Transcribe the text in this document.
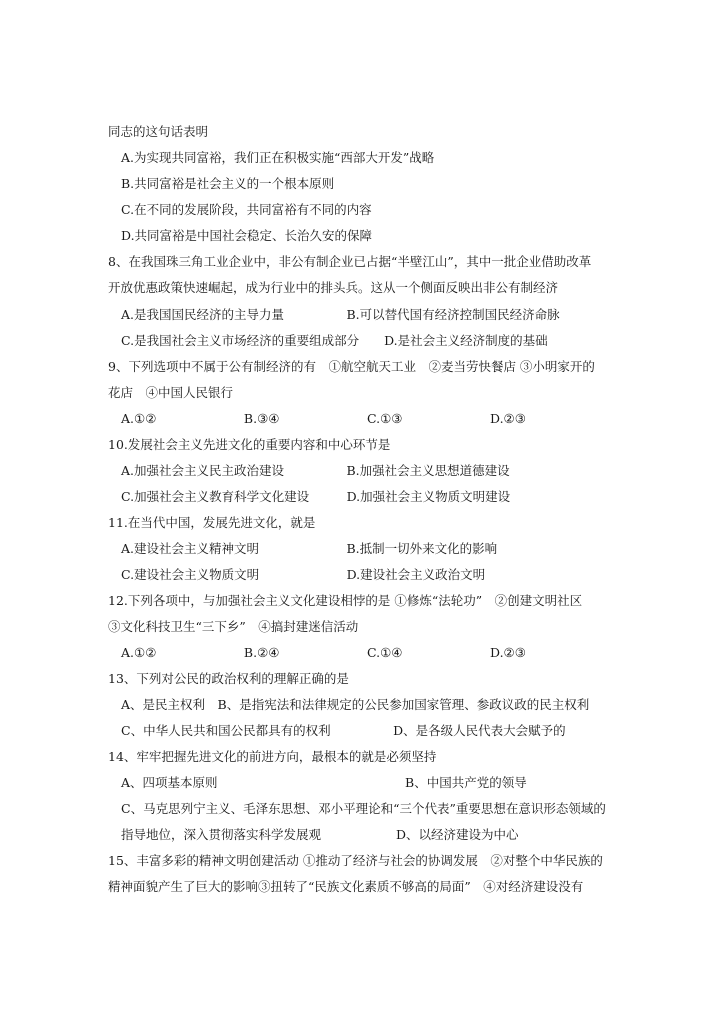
同志的这句话表明
A.为实现共同富裕，我们正在积极实施“西部大开发”战略
B.共同富裕是社会主义的一个根本原则
C.在不同的发展阶段，共同富裕有不同的内容
D.共同富裕是中国社会稳定、长治久安的保障
8、在我国珠三角工业企业中，非公有制企业已占据“半壁江山”，其中一批企业借助改革
开放优惠政策快速崛起，成为行业中的排头兵。这从一个侧面反映出非公有制经济
A.是我国国民经济的主导力量　　　　　B.可以替代国有经济控制国民经济命脉
C.是我国社会主义市场经济的重要组成部分　　D.是社会主义经济制度的基础
9、下列选项中不属于公有制经济的有　①航空航天工业　②麦当劳快餐店 ③小明家开的
花店　④中国人民银行
A.①②　　　　　　　B.③④　　　　　　　C.①③　　　　　　　D.②③
10.发展社会主义先进文化的重要内容和中心环节是
A.加强社会主义民主政治建设　　　　　B.加强社会主义思想道德建设
C.加强社会主义教育科学文化建设　　　D.加强社会主义物质文明建设
11.在当代中国，发展先进文化，就是
A.建设社会主义精神文明　　　　　　　B.抵制一切外来文化的影响
C.建设社会主义物质文明　　　　　　　D.建设社会主义政治文明
12.下列各项中，与加强社会主义文化建设相悖的是 ①修炼“法轮功”　②创建文明社区
③文化科技卫生“三下乡”　④搞封建迷信活动
A.①②　　　　　　　B.②④　　　　　　　C.①④　　　　　　　D.②③
13、下列对公民的政治权利的理解正确的是
A、是民主权利　B、是指宪法和法律规定的公民参加国家管理、参政议政的民主权利
C、中华人民共和国公民都具有的权利　　　　　D、是各级人民代表大会赋予的
14、牢牢把握先进文化的前进方向，最根本的就是必须坚持
A、四项基本原则　　　　　　　　　　　　　　　B、中国共产党的领导
C、马克思列宁主义、毛泽东思想、邓小平理论和“三个代表”重要思想在意识形态领域的
指导地位，深入贯彻落实科学发展观　　　　　　D、以经济建设为中心
15、丰富多彩的精神文明创建活动 ①推动了经济与社会的协调发展　②对整个中华民族的
精神面貌产生了巨大的影响③扭转了“民族文化素质不够高的局面”　④对经济建设没有
